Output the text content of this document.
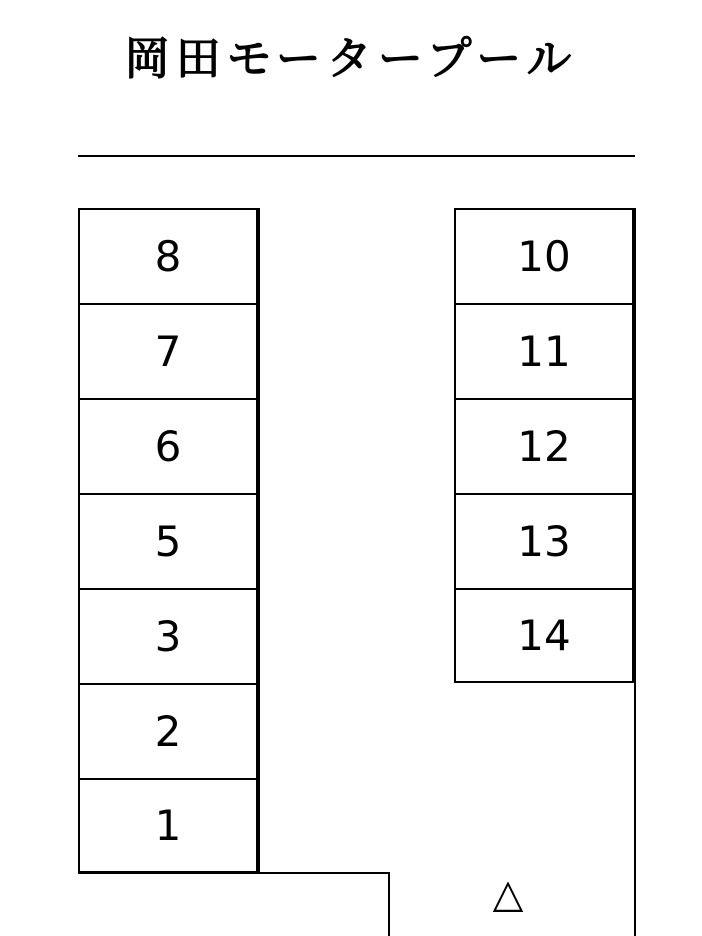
岡田モータープール
8
7
6
5
3
2
1
10
11
12
13
14
△
